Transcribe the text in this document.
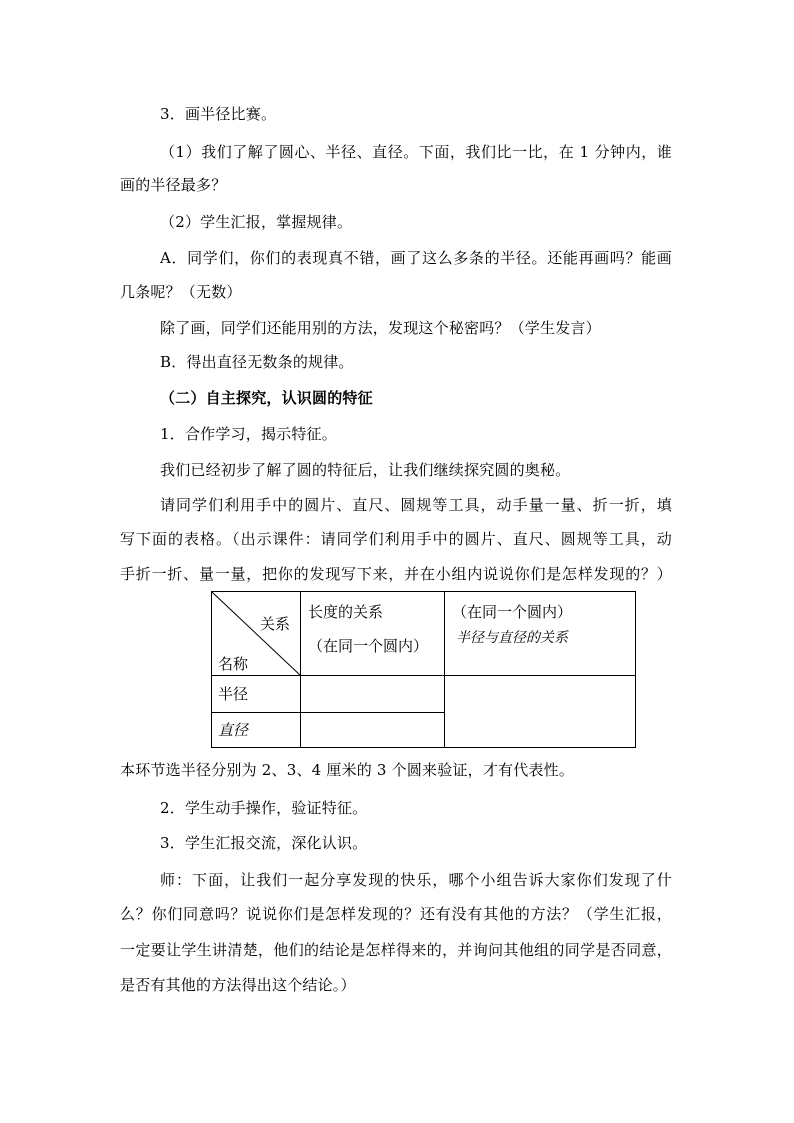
3．画半径比赛。
（1）我们了解了圆心、半径、直径。下面，我们比一比，在 1 分钟内，谁
画的半径最多？
（2）学生汇报，掌握规律。
A．同学们，你们的表现真不错，画了这么多条的半径。还能再画吗？能画
几条呢？（无数）
除了画，同学们还能用别的方法，发现这个秘密吗？（学生发言）
B．得出直径无数条的规律。
（二）自主探究，认识圆的特征
1．合作学习，揭示特征。
我们已经初步了解了圆的特征后，让我们继续探究圆的奥秘。
请同学们利用手中的圆片、直尺、圆规等工具，动手量一量、折一折，填
写下面的表格。（出示课件：请同学们利用手中的圆片、直尺、圆规等工具，动
手折一折、量一量，把你的发现写下来，并在小组内说说你们是怎样发现的？）
关系
名称
长度的关系
（在同一个圆内）
（在同一个圆内）
半径与直径的关系
半径
直径
本环节选半径分别为 2、3、4 厘米的 3 个圆来验证，才有代表性。
2．学生动手操作，验证特征。
3．学生汇报交流，深化认识。
师：下面，让我们一起分享发现的快乐，哪个小组告诉大家你们发现了什
么？你们同意吗？说说你们是怎样发现的？还有没有其他的方法？（学生汇报，
一定要让学生讲清楚，他们的结论是怎样得来的，并询问其他组的同学是否同意，
是否有其他的方法得出这个结论。）
